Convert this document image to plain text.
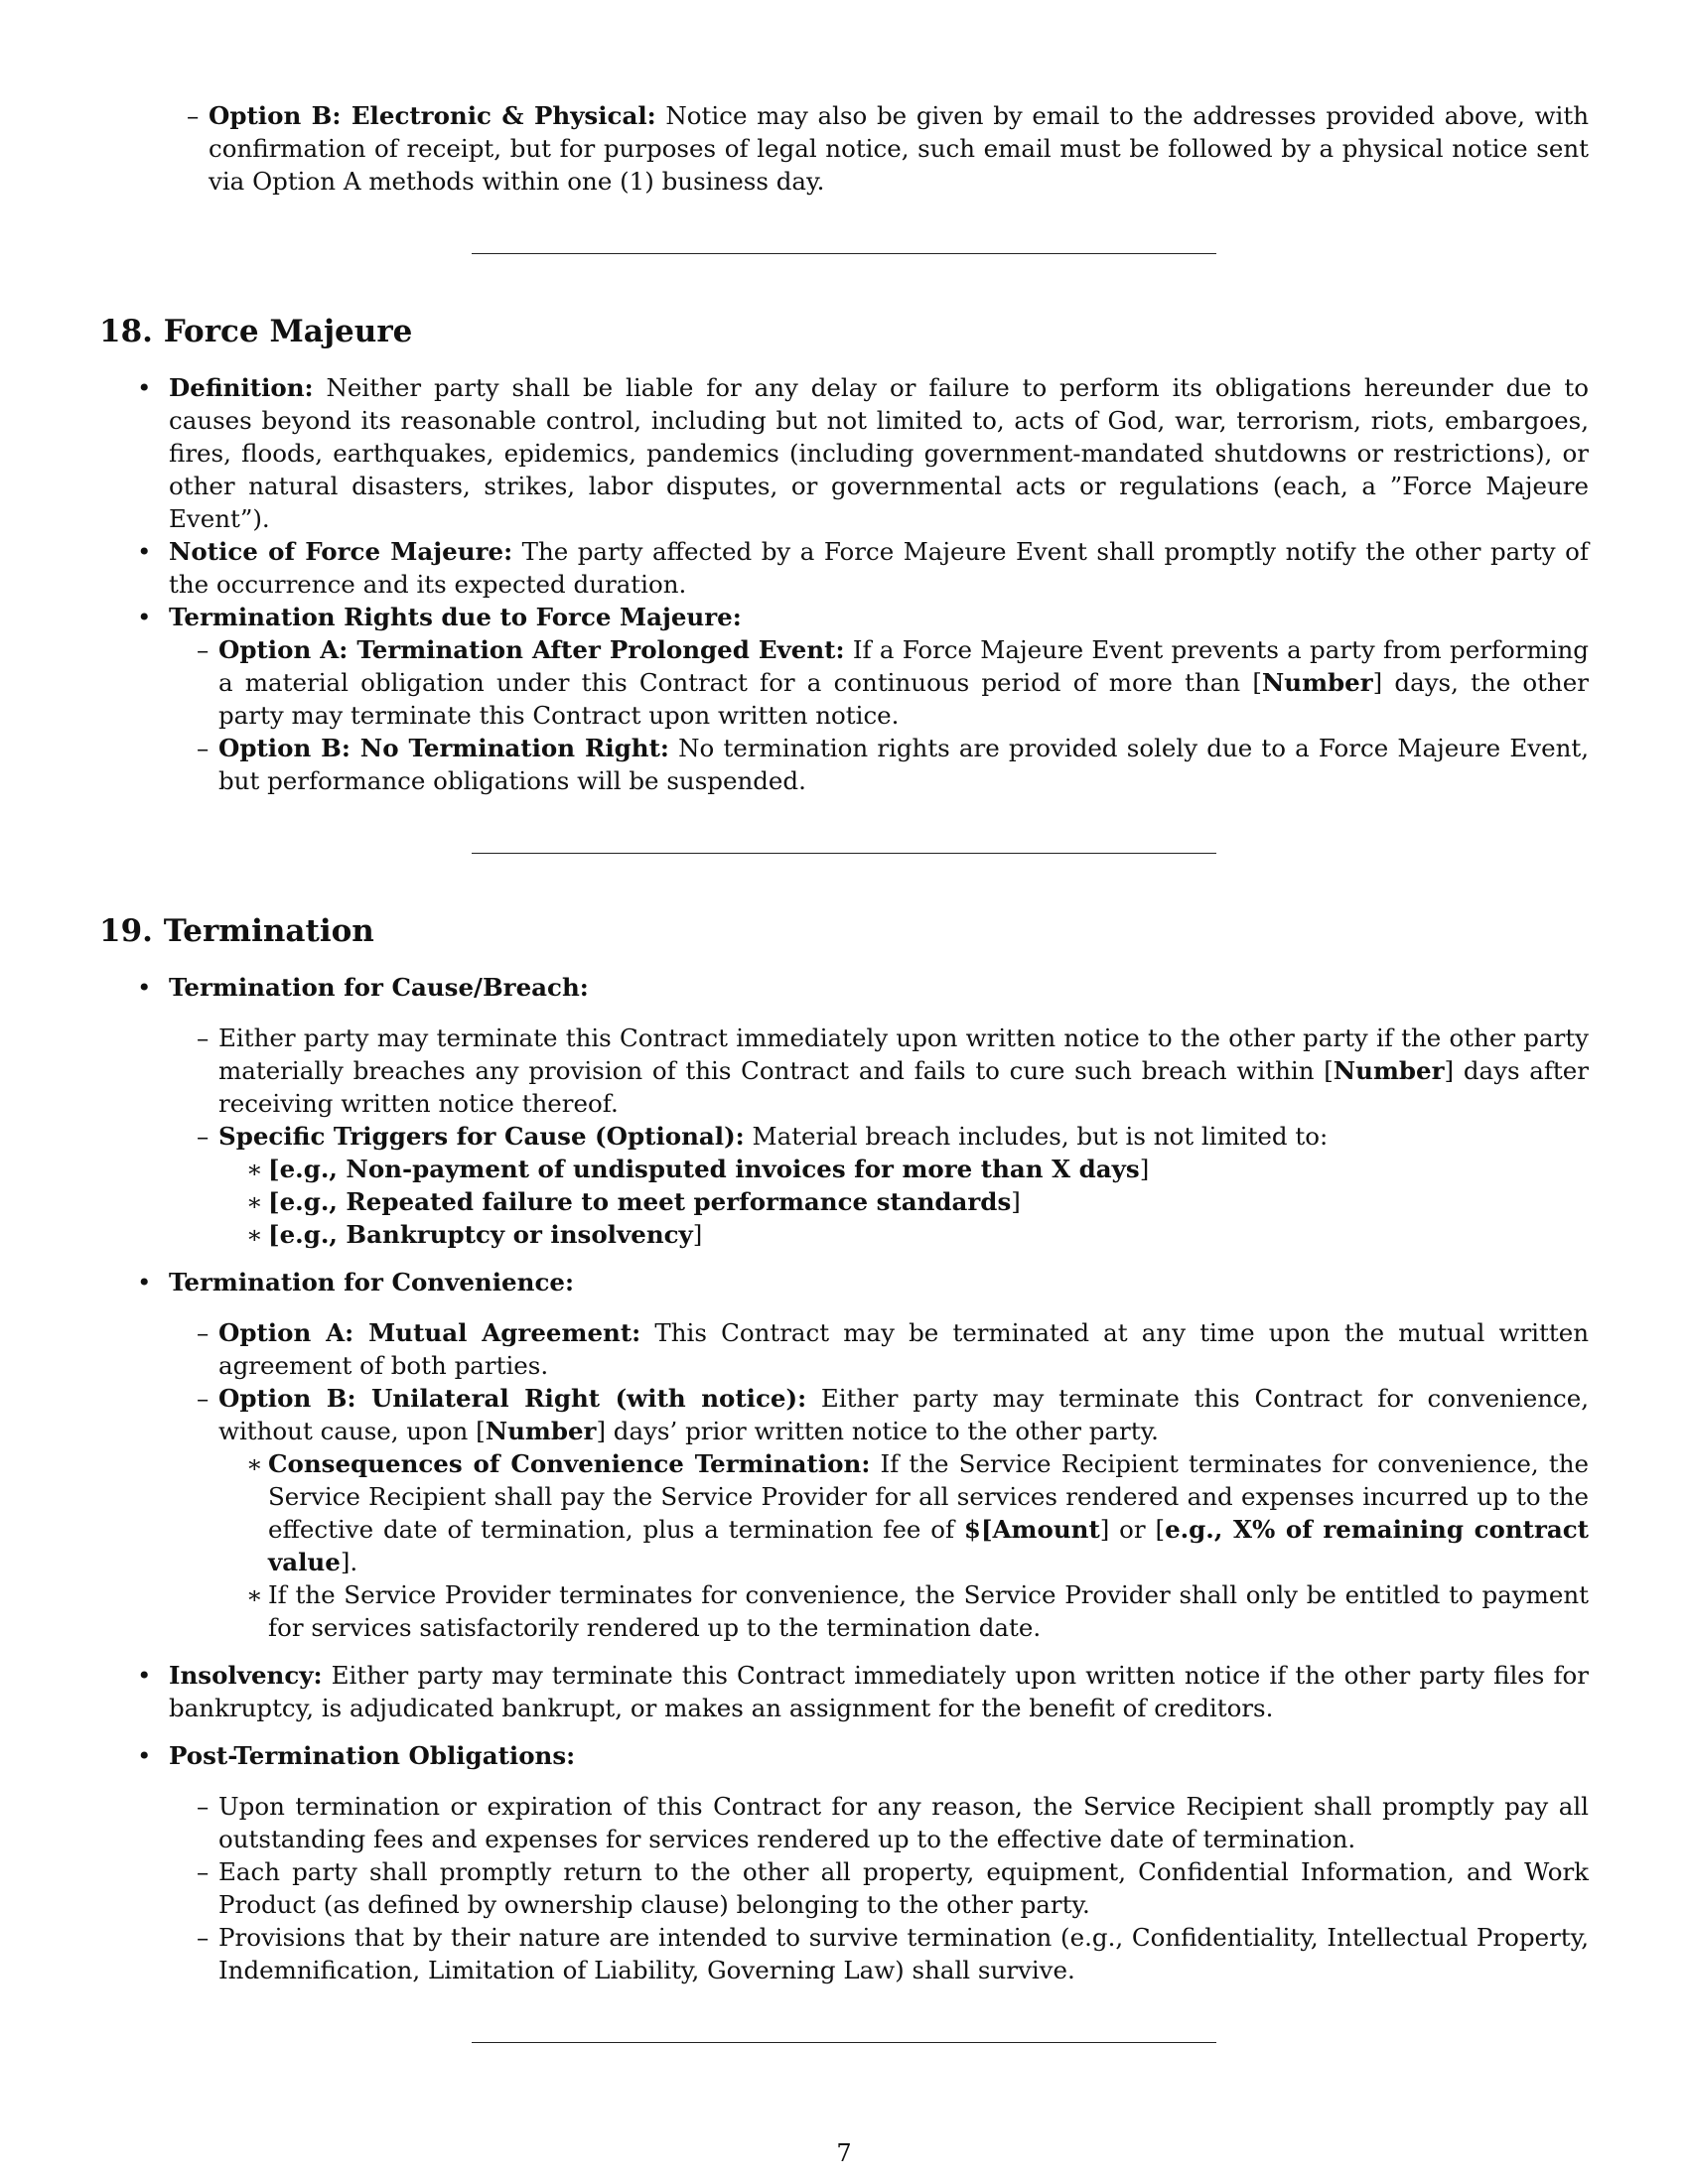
– Option B: Electronic & Physical: Notice may also be given by email to the addresses provided above, with confirmation of receipt, but for purposes of legal notice, such email must be followed by a physical notice sent via Option A methods within one (1) business day.
18. Force Majeure
• Definition: Neither party shall be liable for any delay or failure to perform its obligations hereunder due to causes beyond its reasonable control, including but not limited to, acts of God, war, terrorism, riots, embargoes, fires, floods, earthquakes, epidemics, pandemics (including government-mandated shutdowns or restrictions), or other natural disasters, strikes, labor disputes, or governmental acts or regulations (each, a ”Force Majeure Event”).
• Notice of Force Majeure: The party affected by a Force Majeure Event shall promptly notify the other party of the occurrence and its expected duration.
• Termination Rights due to Force Majeure:
– Option A: Termination After Prolonged Event: If a Force Majeure Event prevents a party from performing a material obligation under this Contract for a continuous period of more than [Number] days, the other party may terminate this Contract upon written notice.
– Option B: No Termination Right: No termination rights are provided solely due to a Force Majeure Event, but performance obligations will be suspended.
19. Termination
• Termination for Cause/Breach:
– Either party may terminate this Contract immediately upon written notice to the other party if the other party materially breaches any provision of this Contract and fails to cure such breach within [Number] days after receiving written notice thereof.
– Specific Triggers for Cause (Optional): Material breach includes, but is not limited to:
∗ [e.g., Non-payment of undisputed invoices for more than X days]
∗ [e.g., Repeated failure to meet performance standards]
∗ [e.g., Bankruptcy or insolvency]
• Termination for Convenience:
– Option A: Mutual Agreement: This Contract may be terminated at any time upon the mutual written agreement of both parties.
– Option B: Unilateral Right (with notice): Either party may terminate this Contract for convenience, without cause, upon [Number] days’ prior written notice to the other party.
∗ Consequences of Convenience Termination: If the Service Recipient terminates for convenience, the Service Recipient shall pay the Service Provider for all services rendered and expenses incurred up to the effective date of termination, plus a termination fee of $[Amount] or [e.g., X% of remaining contract value].
∗ If the Service Provider terminates for convenience, the Service Provider shall only be entitled to payment for services satisfactorily rendered up to the termination date.
• Insolvency: Either party may terminate this Contract immediately upon written notice if the other party files for bankruptcy, is adjudicated bankrupt, or makes an assignment for the benefit of creditors.
• Post-Termination Obligations:
– Upon termination or expiration of this Contract for any reason, the Service Recipient shall promptly pay all outstanding fees and expenses for services rendered up to the effective date of termination.
– Each party shall promptly return to the other all property, equipment, Confidential Information, and Work Product (as defined by ownership clause) belonging to the other party.
– Provisions that by their nature are intended to survive termination (e.g., Confidentiality, Intellectual Property, Indemnification, Limitation of Liability, Governing Law) shall survive.
7
